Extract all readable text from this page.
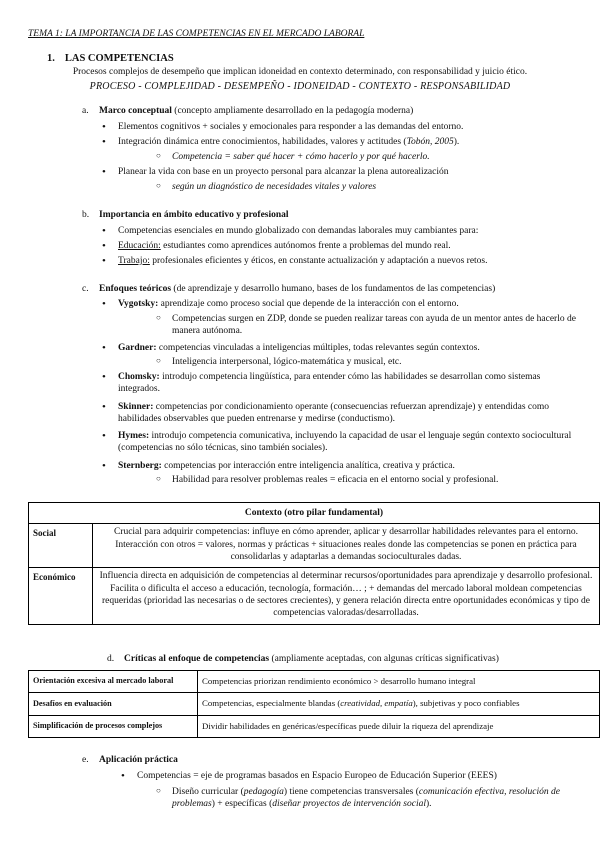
TEMA 1: LA IMPORTANCIA DE LAS COMPETENCIAS EN EL MERCADO LABORAL
1. LAS COMPETENCIAS
Procesos complejos de desempeño que implican idoneidad en contexto determinado, con responsabilidad y juicio ético.
PROCESO - COMPLEJIDAD - DESEMPEÑO - IDONEIDAD - CONTEXTO - RESPONSABILIDAD
a. Marco conceptual (concepto ampliamente desarrollado en la pedagogía moderna)
• Elementos cognitivos + sociales y emocionales para responder a las demandas del entorno.
• Integración dinámica entre conocimientos, habilidades, valores y actitudes (Tobón, 2005).
○ Competencia = saber qué hacer + cómo hacerlo y por qué hacerlo.
• Planear la vida con base en un proyecto personal para alcanzar la plena autorealización
○ según un diagnóstico de necesidades vitales y valores
b. Importancia en ámbito educativo y profesional
• Competencias esenciales en mundo globalizado con demandas laborales muy cambiantes para:
• Educación: estudiantes como aprendices autónomos frente a problemas del mundo real.
• Trabajo: profesionales eficientes y éticos, en constante actualización y adaptación a nuevos retos.
c. Enfoques teóricos (de aprendizaje y desarrollo humano, bases de los fundamentos de las competencias)
• Vygotsky: aprendizaje como proceso social que depende de la interacción con el entorno.
○ Competencias surgen en ZDP, donde se pueden realizar tareas con ayuda de un mentor antes de hacerlo de manera autónoma.
• Gardner: competencias vinculadas a inteligencias múltiples, todas relevantes según contextos.
○ Inteligencia interpersonal, lógico-matemática y musical, etc.
• Chomsky: introdujo competencia lingüística, para entender cómo las habilidades se desarrollan como sistemas integrados.
• Skinner: competencias por condicionamiento operante (consecuencias refuerzan aprendizaje) y entendidas como habilidades observables que pueden entrenarse y medirse (conductismo).
• Hymes: introdujo competencia comunicativa, incluyendo la capacidad de usar el lenguaje según contexto sociocultural (competencias no sólo técnicas, sino también sociales).
• Sternberg: competencias por interacción entre inteligencia analítica, creativa y práctica.
○ Habilidad para resolver problemas reales = eficacia en el entorno social y profesional.
Contexto (otro pilar fundamental)	
Social	Crucial para adquirir competencias: influye en cómo aprender, aplicar y desarrollar habilidades relevantes para el entorno. Interacción con otros = valores, normas y prácticas + situaciones reales donde las competencias se ponen en práctica para consolidarlas y adaptarlas a demandas socioculturales dadas.
Económico	Influencia directa en adquisición de competencias al determinar recursos/oportunidades para aprendizaje y desarrollo profesional. Facilita o dificulta el acceso a educación, tecnología, formación… ; + demandas del mercado laboral moldean competencias requeridas (prioridad las necesarias o de sectores crecientes), y genera relación directa entre oportunidades económicas y tipo de competencias valoradas/desarrolladas.
d. Críticas al enfoque de competencias (ampliamente aceptadas, con algunas críticas significativas)
Orientación excesiva al mercado laboral	Competencias priorizan rendimiento económico > desarrollo humano integral
Desafíos en evaluación	Competencias, especialmente blandas (creatividad, empatía), subjetivas y poco confiables
Simplificación de procesos complejos	Dividir habilidades en genéricas/específicas puede diluir la riqueza del aprendizaje
e. Aplicación práctica
• Competencias = eje de programas basados en Espacio Europeo de Educación Superior (EEES)
○ Diseño curricular (pedagogía) tiene competencias transversales (comunicación efectiva, resolución de problemas) + específicas (diseñar proyectos de intervención social).
